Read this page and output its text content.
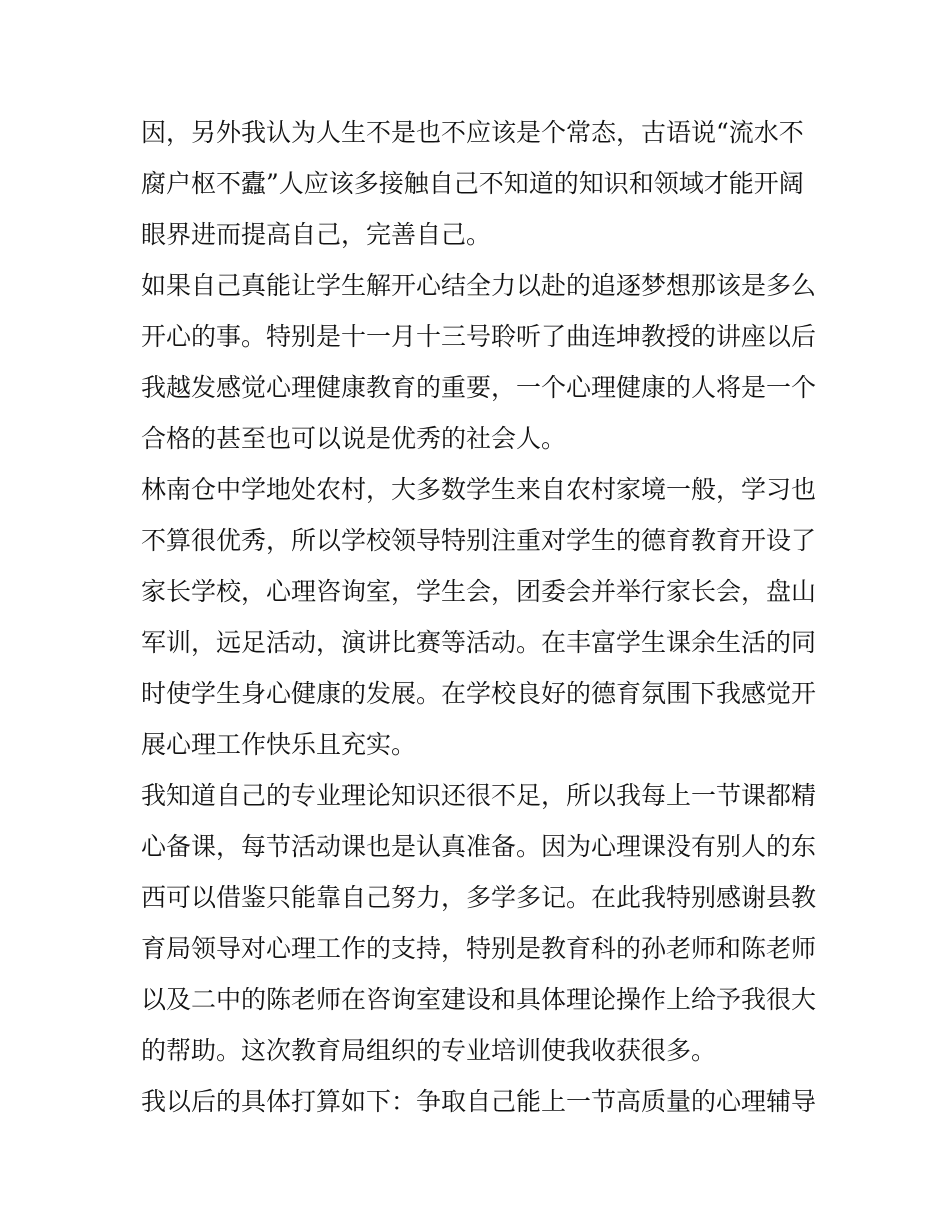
因，另外我认为人生不是也不应该是个常态，古语说“流水不
腐户枢不蠹”人应该多接触自己不知道的知识和领域才能开阔
眼界进而提高自己，完善自己。
如果自己真能让学生解开心结全力以赴的追逐梦想那该是多么
开心的事。特别是十一月十三号聆听了曲连坤教授的讲座以后
我越发感觉心理健康教育的重要，一个心理健康的人将是一个
合格的甚至也可以说是优秀的社会人。
林南仓中学地处农村，大多数学生来自农村家境一般，学习也
不算很优秀，所以学校领导特别注重对学生的德育教育开设了
家长学校，心理咨询室，学生会，团委会并举行家长会，盘山
军训，远足活动，演讲比赛等活动。在丰富学生课余生活的同
时使学生身心健康的发展。在学校良好的德育氛围下我感觉开
展心理工作快乐且充实。
我知道自己的专业理论知识还很不足，所以我每上一节课都精
心备课，每节活动课也是认真准备。因为心理课没有别人的东
西可以借鉴只能靠自己努力，多学多记。在此我特别感谢县教
育局领导对心理工作的支持，特别是教育科的孙老师和陈老师
以及二中的陈老师在咨询室建设和具体理论操作上给予我很大
的帮助。这次教育局组织的专业培训使我收获很多。
我以后的具体打算如下：争取自己能上一节高质量的心理辅导
